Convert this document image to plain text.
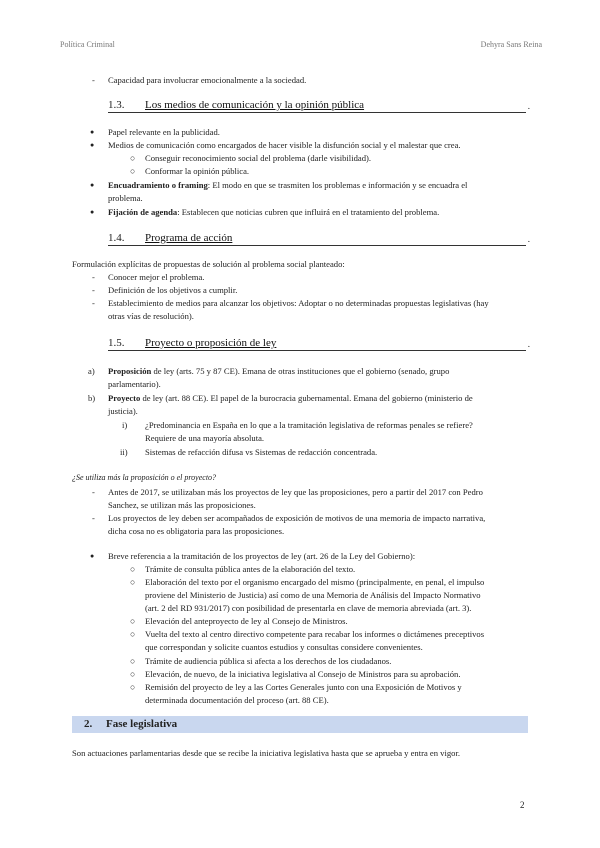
Política Criminal	Dehyra Sans Reina
- Capacidad para involucrar emocionalmente a la sociedad.
1.3. Los medios de comunicación y la opinión pública	.
● Papel relevante en la publicidad.
● Medios de comunicación como encargados de hacer visible la disfunción social y el malestar que crea.
○ Conseguir reconocimiento social del problema (darle visibilidad).
○ Conformar la opinión pública.
● Encuadramiento o framing: El modo en que se trasmiten los problemas e información y se encuadra el
problema.
● Fijación de agenda: Establecen que noticias cubren que influirá en el tratamiento del problema.
1.4. Programa de acción	.
Formulación explícitas de propuestas de solución al problema social planteado:
- Conocer mejor el problema.
- Definición de los objetivos a cumplir.
- Establecimiento de medios para alcanzar los objetivos: Adoptar o no determinadas propuestas legislativas (hay
otras vías de resolución).
1.5. Proyecto o proposición de ley	.
a) Proposición de ley (arts. 75 y 87 CE). Emana de otras instituciones que el gobierno (senado, grupo
parlamentario).
b) Proyecto de ley (art. 88 CE). El papel de la burocracia gubernamental. Emana del gobierno (ministerio de
justicia).
i) ¿Predominancia en España en lo que a la tramitación legislativa de reformas penales se refiere?
Requiere de una mayoría absoluta.
ii) Sistemas de refacción difusa vs Sistemas de redacción concentrada.
¿Se utiliza más la proposición o el proyecto?
- Antes de 2017, se utilizaban más los proyectos de ley que las proposiciones, pero a partir del 2017 con Pedro
Sanchez, se utilizan más las proposiciones.
- Los proyectos de ley deben ser acompañados de exposición de motivos de una memoria de impacto narrativa,
dicha cosa no es obligatoria para las proposiciones.
● Breve referencia a la tramitación de los proyectos de ley (art. 26 de la Ley del Gobierno):
○ Trámite de consulta pública antes de la elaboración del texto.
○ Elaboración del texto por el organismo encargado del mismo (principalmente, en penal, el impulso
proviene del Ministerio de Justicia) así como de una Memoria de Análisis del Impacto Normativo
(art. 2 del RD 931/2017) con posibilidad de presentarla en clave de memoria abreviada (art. 3).
○ Elevación del anteproyecto de ley al Consejo de Ministros.
○ Vuelta del texto al centro directivo competente para recabar los informes o dictámenes preceptivos
que correspondan y solicite cuantos estudios y consultas considere convenientes.
○ Trámite de audiencia pública si afecta a los derechos de los ciudadanos.
○ Elevación, de nuevo, de la iniciativa legislativa al Consejo de Ministros para su aprobación.
○ Remisión del proyecto de ley a las Cortes Generales junto con una Exposición de Motivos y
determinada documentación del proceso (art. 88 CE).
2. Fase legislativa
Son actuaciones parlamentarias desde que se recibe la iniciativa legislativa hasta que se aprueba y entra en vigor.
2
